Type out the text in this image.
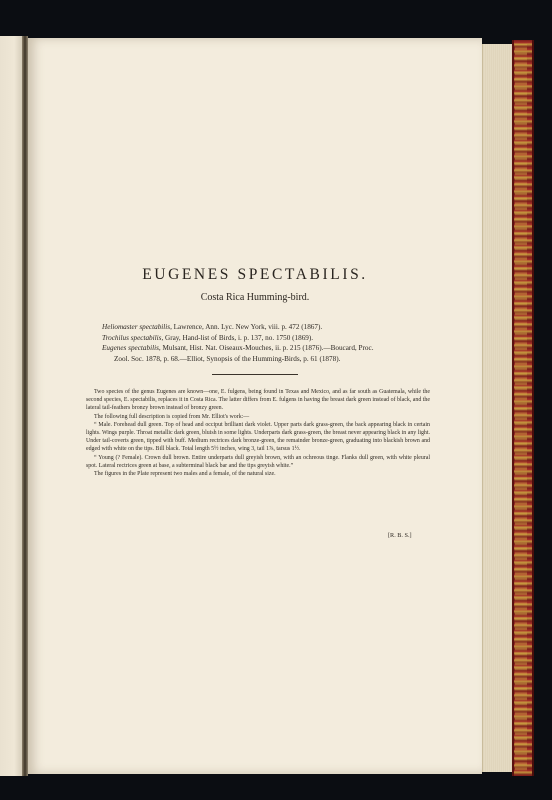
EUGENES SPECTABILIS.
Costa Rica Humming-bird.
Heliomaster spectabilis, Lawrence, Ann. Lyc. New York, viii. p. 472 (1867).
Trochilus spectabilis, Gray, Hand-list of Birds, i. p. 137, no. 1750 (1869).
Eugenes spectabilis, Mulsant, Hist. Nat. Oiseaux-Mouches, ii. p. 215 (1876).—Boucard, Proc.
Zool. Soc. 1878, p. 68.—Elliot, Synopsis of the Humming-Birds, p. 61 (1878).

Two species of the genus Eugenes are known—one, E. fulgens, being found in Texas and Mexico, and as far south as Guatemala, while the second species, E. spectabilis, replaces it in Costa Rica. The latter differs from E. fulgens in having the breast dark green instead of black, and the lateral tail-feathers bronzy brown instead of bronzy green.

The following full description is copied from Mr. Elliot's work:—

“ Male. Forehead dull green. Top of head and occiput brilliant dark violet. Upper parts dark grass-green, the back appearing black in certain lights. Wings purple. Throat metallic dark green, bluish in some lights. Underparts dark grass-green, the breast never appearing black in any light. Under tail-coverts green, tipped with buff. Medium rectrices dark bronze-green, the remainder bronze-green, graduating into blackish brown and edged with white on the tips. Bill black. Total length 5½ inches, wing 3, tail 1⅞, tarsus 1½.

“ Young (? Female). Crown dull brown. Entire underparts dull greyish brown, with an ochreous tinge. Flanks dull green, with white pleural spot. Lateral rectrices green at base, a subterminal black bar and the tips greyish white.”

The figures in the Plate represent two males and a female, of the natural size.

[R. B. S.]
